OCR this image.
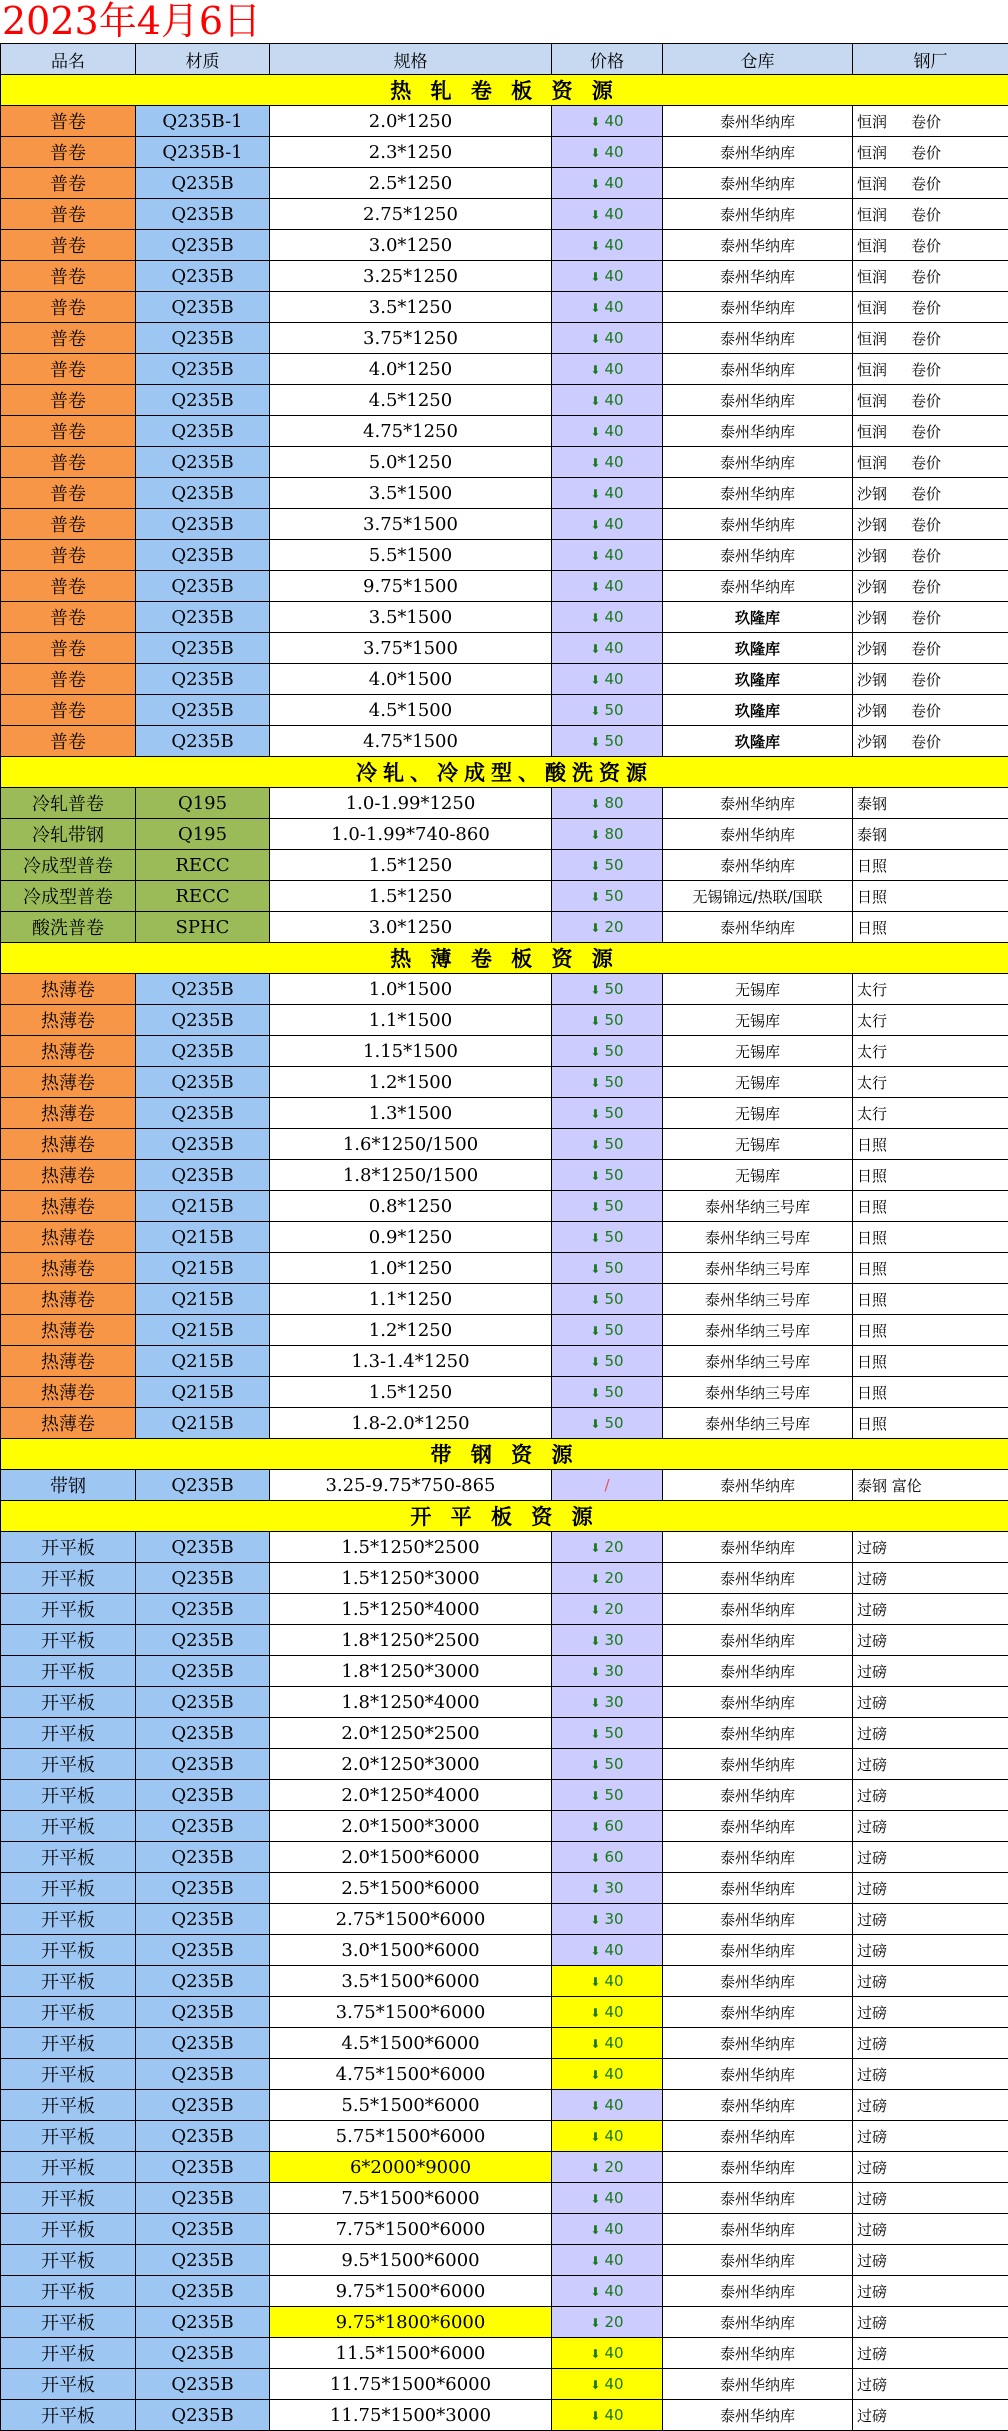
2023年4月6日
品名	材质	规格	价格	仓库	钢厂
热 轧 卷 板 资 源					
普卷	Q235B-1	2.0*1250	⬇ 40	泰州华纳库	恒润 卷价
普卷	Q235B-1	2.3*1250	⬇ 40	泰州华纳库	恒润 卷价
普卷	Q235B	2.5*1250	⬇ 40	泰州华纳库	恒润 卷价
普卷	Q235B	2.75*1250	⬇ 40	泰州华纳库	恒润 卷价
普卷	Q235B	3.0*1250	⬇ 40	泰州华纳库	恒润 卷价
普卷	Q235B	3.25*1250	⬇ 40	泰州华纳库	恒润 卷价
普卷	Q235B	3.5*1250	⬇ 40	泰州华纳库	恒润 卷价
普卷	Q235B	3.75*1250	⬇ 40	泰州华纳库	恒润 卷价
普卷	Q235B	4.0*1250	⬇ 40	泰州华纳库	恒润 卷价
普卷	Q235B	4.5*1250	⬇ 40	泰州华纳库	恒润 卷价
普卷	Q235B	4.75*1250	⬇ 40	泰州华纳库	恒润 卷价
普卷	Q235B	5.0*1250	⬇ 40	泰州华纳库	恒润 卷价
普卷	Q235B	3.5*1500	⬇ 40	泰州华纳库	沙钢 卷价
普卷	Q235B	3.75*1500	⬇ 40	泰州华纳库	沙钢 卷价
普卷	Q235B	5.5*1500	⬇ 40	泰州华纳库	沙钢 卷价
普卷	Q235B	9.75*1500	⬇ 40	泰州华纳库	沙钢 卷价
普卷	Q235B	3.5*1500	⬇ 40	玖隆库	沙钢 卷价
普卷	Q235B	3.75*1500	⬇ 40	玖隆库	沙钢 卷价
普卷	Q235B	4.0*1500	⬇ 40	玖隆库	沙钢 卷价
普卷	Q235B	4.5*1500	⬇ 50	玖隆库	沙钢 卷价
普卷	Q235B	4.75*1500	⬇ 50	玖隆库	沙钢 卷价
冷轧、冷成型、酸洗资源					
冷轧普卷	Q195	1.0-1.99*1250	⬇ 80	泰州华纳库	泰钢
冷轧带钢	Q195	1.0-1.99*740-860	⬇ 80	泰州华纳库	泰钢
冷成型普卷	RECC	1.5*1250	⬇ 50	泰州华纳库	日照
冷成型普卷	RECC	1.5*1250	⬇ 50	无锡锦远/热联/国联	日照
酸洗普卷	SPHC	3.0*1250	⬇ 20	泰州华纳库	日照
热 薄 卷 板 资 源					
热薄卷	Q235B	1.0*1500	⬇ 50	无锡库	太行
热薄卷	Q235B	1.1*1500	⬇ 50	无锡库	太行
热薄卷	Q235B	1.15*1500	⬇ 50	无锡库	太行
热薄卷	Q235B	1.2*1500	⬇ 50	无锡库	太行
热薄卷	Q235B	1.3*1500	⬇ 50	无锡库	太行
热薄卷	Q235B	1.6*1250/1500	⬇ 50	无锡库	日照
热薄卷	Q235B	1.8*1250/1500	⬇ 50	无锡库	日照
热薄卷	Q215B	0.8*1250	⬇ 50	泰州华纳三号库	日照
热薄卷	Q215B	0.9*1250	⬇ 50	泰州华纳三号库	日照
热薄卷	Q215B	1.0*1250	⬇ 50	泰州华纳三号库	日照
热薄卷	Q215B	1.1*1250	⬇ 50	泰州华纳三号库	日照
热薄卷	Q215B	1.2*1250	⬇ 50	泰州华纳三号库	日照
热薄卷	Q215B	1.3-1.4*1250	⬇ 50	泰州华纳三号库	日照
热薄卷	Q215B	1.5*1250	⬇ 50	泰州华纳三号库	日照
热薄卷	Q215B	1.8-2.0*1250	⬇ 50	泰州华纳三号库	日照
带 钢 资 源					
带钢	Q235B	3.25-9.75*750-865	/	泰州华纳库	泰钢 富伦
开 平 板 资 源					
开平板	Q235B	1.5*1250*2500	⬇ 20	泰州华纳库	过磅
开平板	Q235B	1.5*1250*3000	⬇ 20	泰州华纳库	过磅
开平板	Q235B	1.5*1250*4000	⬇ 20	泰州华纳库	过磅
开平板	Q235B	1.8*1250*2500	⬇ 30	泰州华纳库	过磅
开平板	Q235B	1.8*1250*3000	⬇ 30	泰州华纳库	过磅
开平板	Q235B	1.8*1250*4000	⬇ 30	泰州华纳库	过磅
开平板	Q235B	2.0*1250*2500	⬇ 50	泰州华纳库	过磅
开平板	Q235B	2.0*1250*3000	⬇ 50	泰州华纳库	过磅
开平板	Q235B	2.0*1250*4000	⬇ 50	泰州华纳库	过磅
开平板	Q235B	2.0*1500*3000	⬇ 60	泰州华纳库	过磅
开平板	Q235B	2.0*1500*6000	⬇ 60	泰州华纳库	过磅
开平板	Q235B	2.5*1500*6000	⬇ 30	泰州华纳库	过磅
开平板	Q235B	2.75*1500*6000	⬇ 30	泰州华纳库	过磅
开平板	Q235B	3.0*1500*6000	⬇ 40	泰州华纳库	过磅
开平板	Q235B	3.5*1500*6000	⬇ 40	泰州华纳库	过磅
开平板	Q235B	3.75*1500*6000	⬇ 40	泰州华纳库	过磅
开平板	Q235B	4.5*1500*6000	⬇ 40	泰州华纳库	过磅
开平板	Q235B	4.75*1500*6000	⬇ 40	泰州华纳库	过磅
开平板	Q235B	5.5*1500*6000	⬇ 40	泰州华纳库	过磅
开平板	Q235B	5.75*1500*6000	⬇ 40	泰州华纳库	过磅
开平板	Q235B	6*2000*9000	⬇ 20	泰州华纳库	过磅
开平板	Q235B	7.5*1500*6000	⬇ 40	泰州华纳库	过磅
开平板	Q235B	7.75*1500*6000	⬇ 40	泰州华纳库	过磅
开平板	Q235B	9.5*1500*6000	⬇ 40	泰州华纳库	过磅
开平板	Q235B	9.75*1500*6000	⬇ 40	泰州华纳库	过磅
开平板	Q235B	9.75*1800*6000	⬇ 20	泰州华纳库	过磅
开平板	Q235B	11.5*1500*6000	⬇ 40	泰州华纳库	过磅
开平板	Q235B	11.75*1500*6000	⬇ 40	泰州华纳库	过磅
开平板	Q235B	11.75*1500*3000	⬇ 40	泰州华纳库	过磅
